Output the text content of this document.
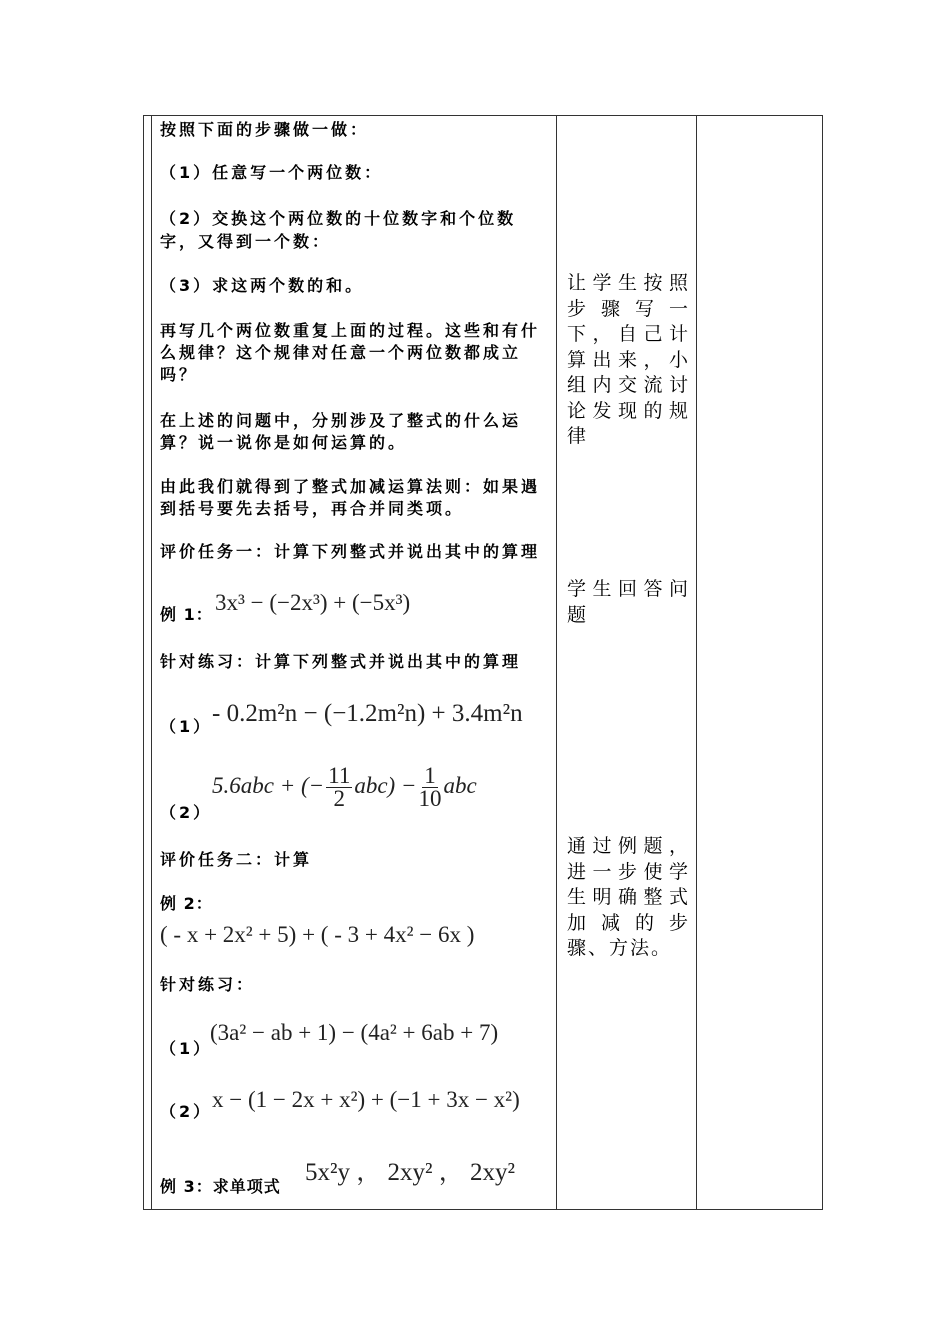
按照下面的步骤做一做：
（1）任意写一个两位数：
（2）交换这个两位数的十位数字和个位数
字，又得到一个数：
（3）求这两个数的和。
再写几个两位数重复上面的过程。这些和有什
么规律？这个规律对任意一个两位数都成立
吗？
在上述的问题中，分别涉及了整式的什么运
算？说一说你是如何运算的。
由此我们就得到了整式加减运算法则：如果遇
到括号要先去括号，再合并同类项。
评价任务一：计算下列整式并说出其中的算理
例 1： 3x³ − (−2x³) + (−5x³)
针对练习：计算下列整式并说出其中的算理
（1） - 0.2m²n − (−1.2m²n) + 3.4m²n
（2）
5.6abc + (− $\frac{11}{2} abc) - \frac{1}{10}$ abc
评价任务二：计算
例 2：
( - x + 2x² + 5) + ( - 3 + 4x² − 6x )
针对练习：
（1）
(3a² − ab + 1) − (4a² + 6ab + 7)
（2） x − (1 − 2x + x²) + (−1 + 3x − x²)
例 3：求单项式
5x²y ， 2xy² ， 2xy²
让学生按照
步 骤 写 一
下，自己计
算出来，小
组内交流讨
论发现的规
律
学生回答问
题
通过例题，
进一步使学
生明确整式
加 减 的 步
骤、方法。
